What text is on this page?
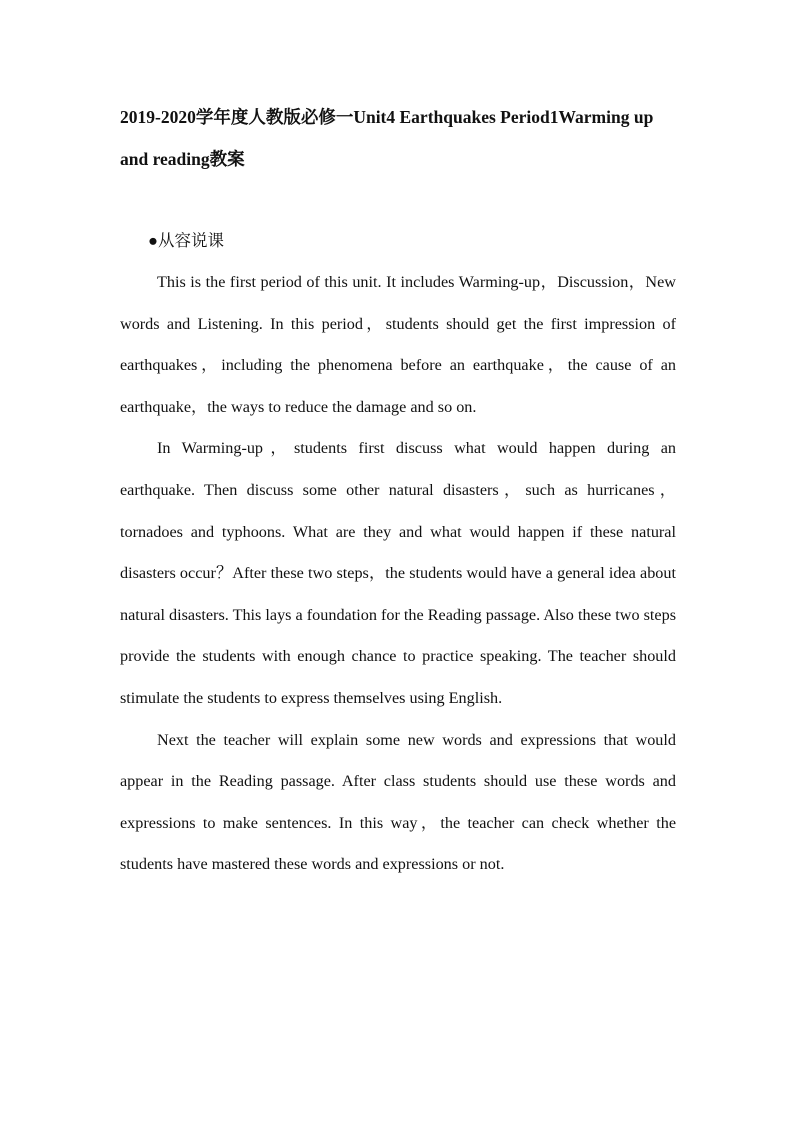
2019-2020学年度人教版必修一Unit4 Earthquakes Period1Warming up and reading教案

●从容说课

This is the first period of this unit. It includes Warming-up，Discussion，New words and Listening. In this period，students should get the first impression of earthquakes，including the phenomena before an earthquake，the cause of an earthquake，the ways to reduce the damage and so on.

In Warming-up，students first discuss what would happen during an earthquake. Then discuss some other natural disasters，such as hurricanes，tornadoes and typhoons. What are they and what would happen if these natural disasters occur？After these two steps，the students would have a general idea about natural disasters. This lays a foundation for the Reading passage. Also these two steps provide the students with enough chance to practice speaking. The teacher should stimulate the students to express themselves using English.

Next the teacher will explain some new words and expressions that would appear in the Reading passage. After class students should use these words and expressions to make sentences. In this way，the teacher can check whether the students have mastered these words and expressions or not.
